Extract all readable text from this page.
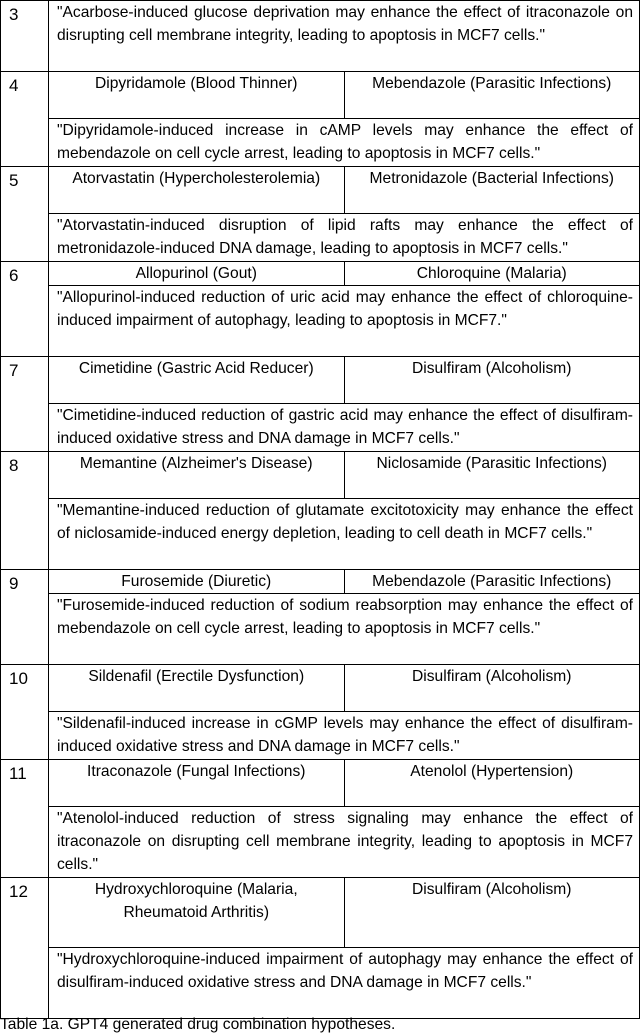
3	"Acarbose-induced glucose deprivation may enhance the effect of itraconazole on disrupting cell membrane integrity, leading to apoptosis in MCF7 cells."	
4	Dipyridamole (Blood Thinner)	Mebendazole (Parasitic Infections)
	"Dipyridamole-induced increase in cAMP levels may enhance the effect of mebendazole on cell cycle arrest, leading to apoptosis in MCF7 cells."	
5	Atorvastatin (Hypercholesterolemia)	Metronidazole (Bacterial Infections)
	"Atorvastatin-induced disruption of lipid rafts may enhance the effect of metronidazole-induced DNA damage, leading to apoptosis in MCF7 cells."	
6	Allopurinol (Gout)	Chloroquine (Malaria)
	"Allopurinol-induced reduction of uric acid may enhance the effect of chloroquine-induced impairment of autophagy, leading to apoptosis in MCF7."	
7	Cimetidine (Gastric Acid Reducer)	Disulfiram (Alcoholism)
	"Cimetidine-induced reduction of gastric acid may enhance the effect of disulfiram-induced oxidative stress and DNA damage in MCF7 cells."	
8	Memantine (Alzheimer's Disease)	Niclosamide (Parasitic Infections)
	"Memantine-induced reduction of glutamate excitotoxicity may enhance the effect of niclosamide-induced energy depletion, leading to cell death in MCF7 cells."	
9	Furosemide (Diuretic)	Mebendazole (Parasitic Infections)
	"Furosemide-induced reduction of sodium reabsorption may enhance the effect of mebendazole on cell cycle arrest, leading to apoptosis in MCF7 cells."	
10	Sildenafil (Erectile Dysfunction)	Disulfiram (Alcoholism)
	"Sildenafil-induced increase in cGMP levels may enhance the effect of disulfiram-induced oxidative stress and DNA damage in MCF7 cells."	
11	Itraconazole (Fungal Infections)	Atenolol (Hypertension)
	"Atenolol-induced reduction of stress signaling may enhance the effect of itraconazole on disrupting cell membrane integrity, leading to apoptosis in MCF7 cells."	
12	Hydroxychloroquine (Malaria, Rheumatoid Arthritis)	Disulfiram (Alcoholism)
	"Hydroxychloroquine-induced impairment of autophagy may enhance the effect of disulfiram-induced oxidative stress and DNA damage in MCF7 cells."	
Table 1a. GPT4 generated drug combination hypotheses.
